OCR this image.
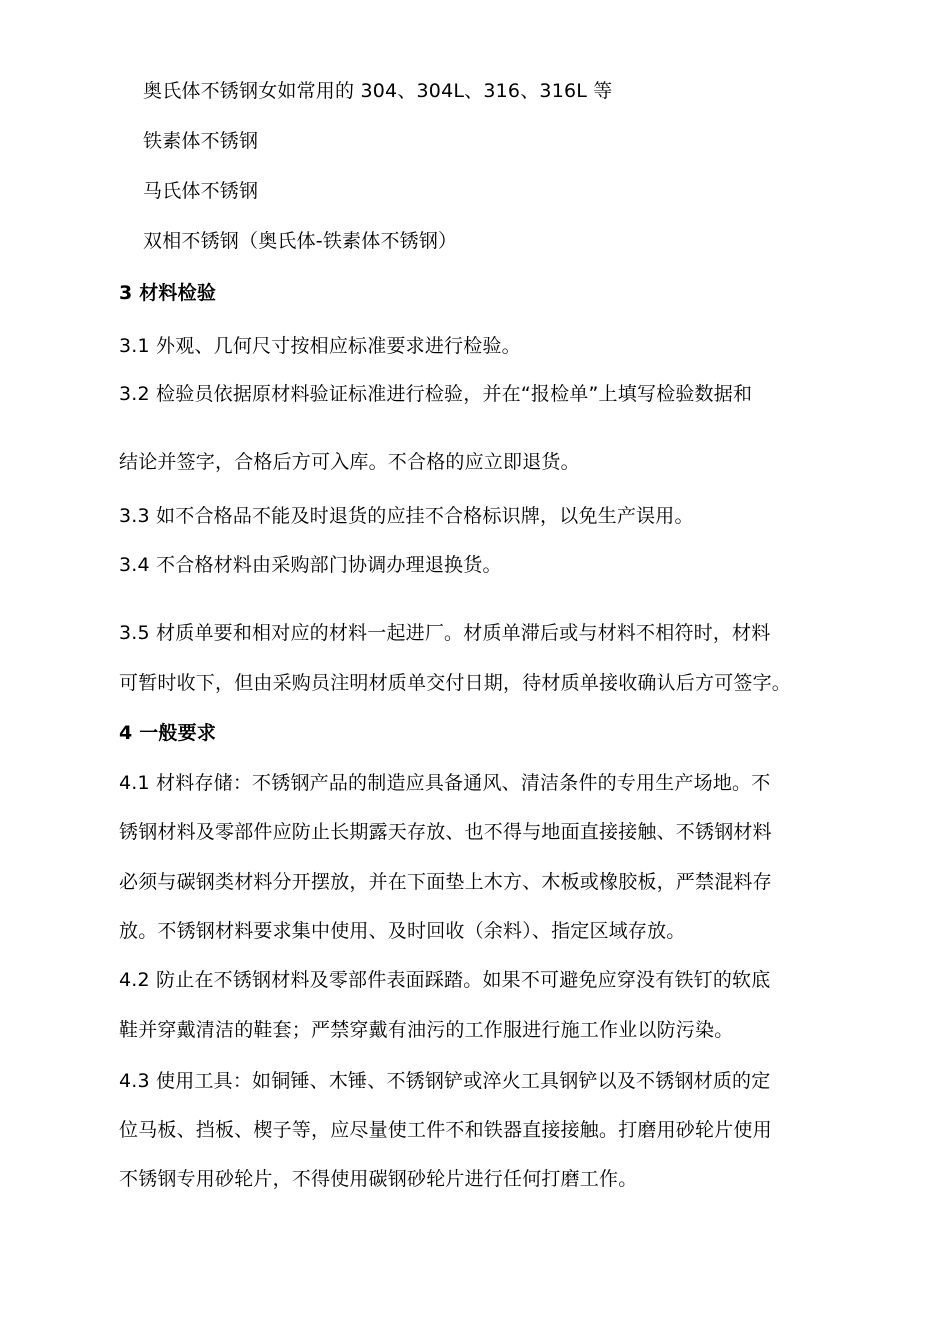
奥氏体不锈钢女如常用的 304、304L、316、316L 等
铁素体不锈钢
马氏体不锈钢
双相不锈钢（奥氏体-铁素体不锈钢）
3 材料检验
3.1 外观、几何尺寸按相应标准要求进行检验。
3.2 检验员依据原材料验证标准进行检验，并在“报检单”上填写检验数据和
结论并签字，合格后方可入库。不合格的应立即退货。
3.3 如不合格品不能及时退货的应挂不合格标识牌，以免生产误用。
3.4 不合格材料由采购部门协调办理退换货。
3.5 材质单要和相对应的材料一起进厂。材质单滞后或与材料不相符时，材料
可暂时收下，但由采购员注明材质单交付日期，待材质单接收确认后方可签字。
4 一般要求
4.1 材料存储：不锈钢产品的制造应具备通风、清洁条件的专用生产场地。不
锈钢材料及零部件应防止长期露天存放、也不得与地面直接接触、不锈钢材料
必须与碳钢类材料分开摆放，并在下面垫上木方、木板或橡胶板，严禁混料存
放。不锈钢材料要求集中使用、及时回收（余料）、指定区域存放。
4.2 防止在不锈钢材料及零部件表面踩踏。如果不可避免应穿没有铁钉的软底
鞋并穿戴清洁的鞋套；严禁穿戴有油污的工作服进行施工作业以防污染。
4.3 使用工具：如铜锤、木锤、不锈钢铲或淬火工具钢铲以及不锈钢材质的定
位马板、挡板、楔子等，应尽量使工件不和铁器直接接触。打磨用砂轮片使用
不锈钢专用砂轮片，不得使用碳钢砂轮片进行任何打磨工作。
